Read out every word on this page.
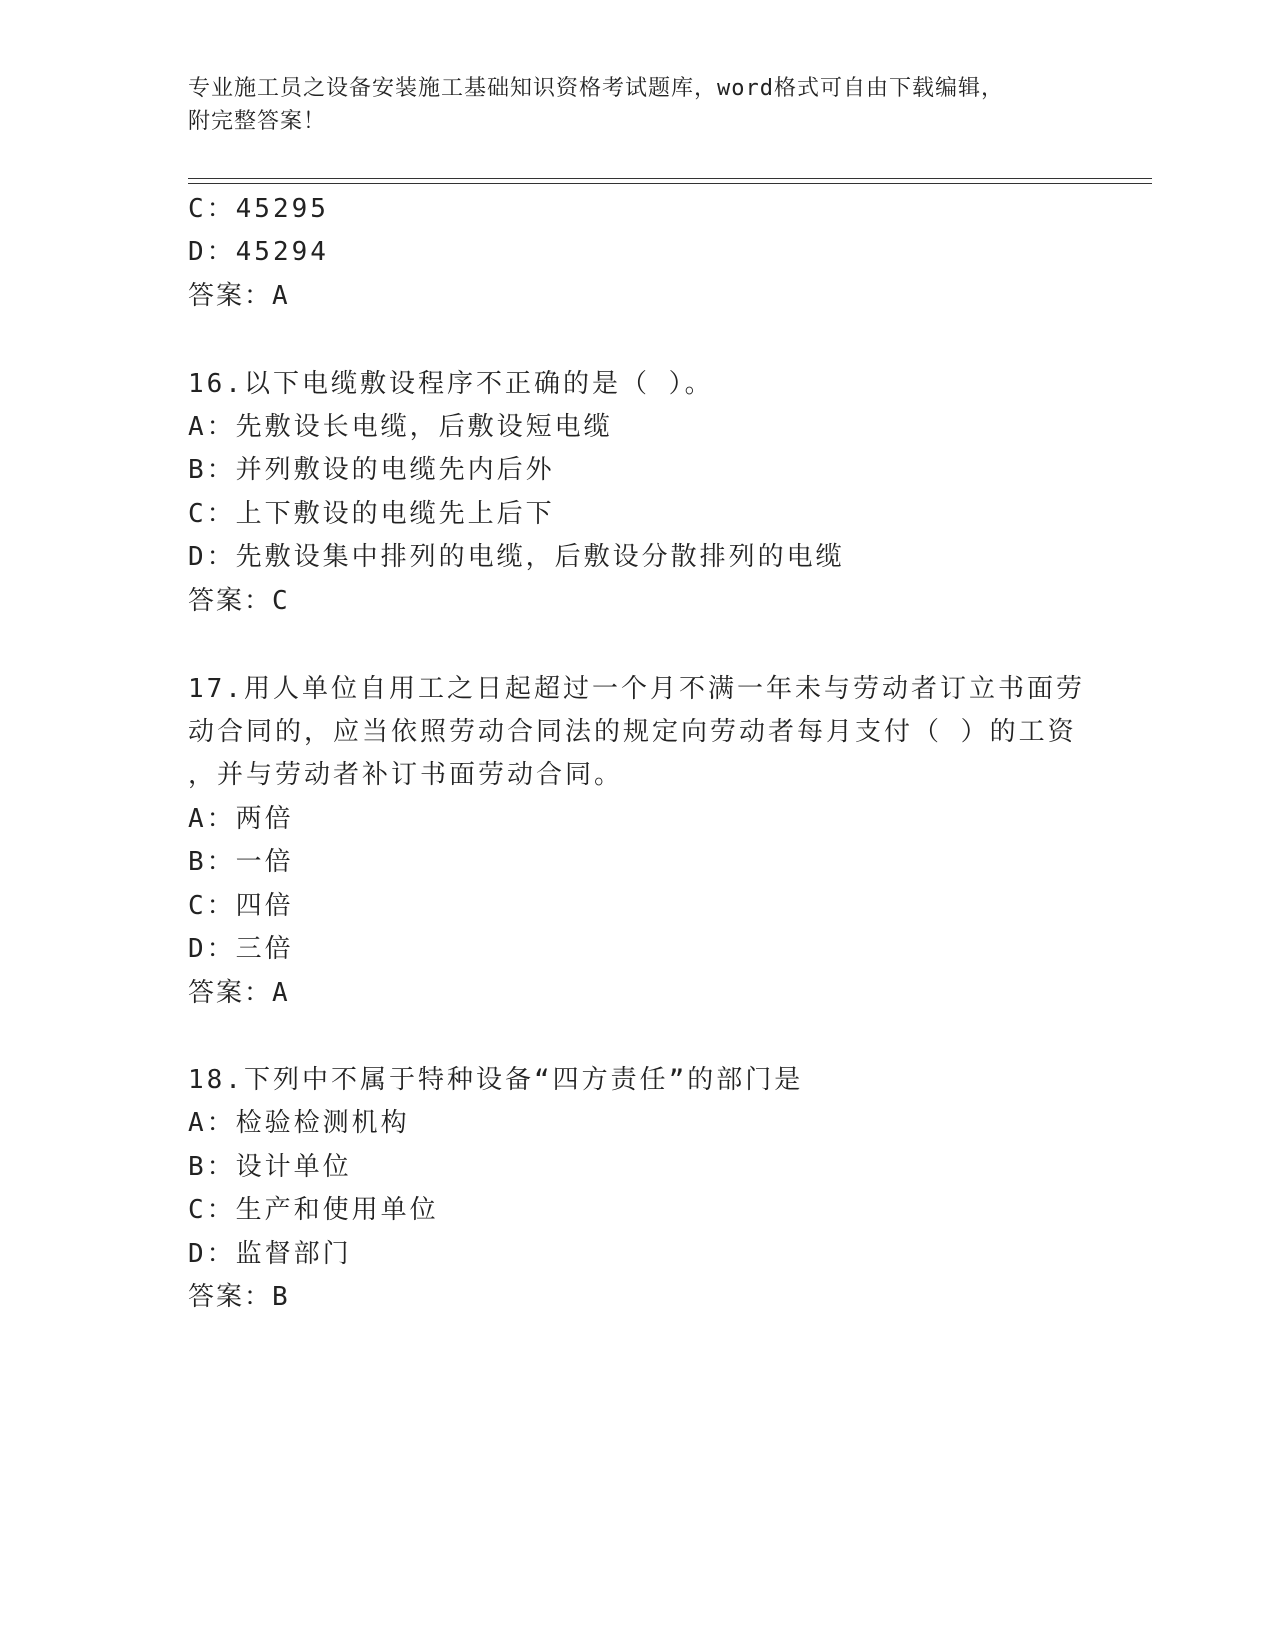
专业施工员之设备安装施工基础知识资格考试题库，word格式可自由下载编辑，
附完整答案！
C：45295
D：45294
答案：A
16.以下电缆敷设程序不正确的是（ ）。
A：先敷设长电缆，后敷设短电缆
B：并列敷设的电缆先内后外
C：上下敷设的电缆先上后下
D：先敷设集中排列的电缆，后敷设分散排列的电缆
答案：C
17.用人单位自用工之日起超过一个月不满一年未与劳动者订立书面劳
动合同的，应当依照劳动合同法的规定向劳动者每月支付（ ）的工资
，并与劳动者补订书面劳动合同。
A：两倍
B：一倍
C：四倍
D：三倍
答案：A
18.下列中不属于特种设备“四方责任”的部门是
A：检验检测机构
B：设计单位
C：生产和使用单位
D：监督部门
答案：B
